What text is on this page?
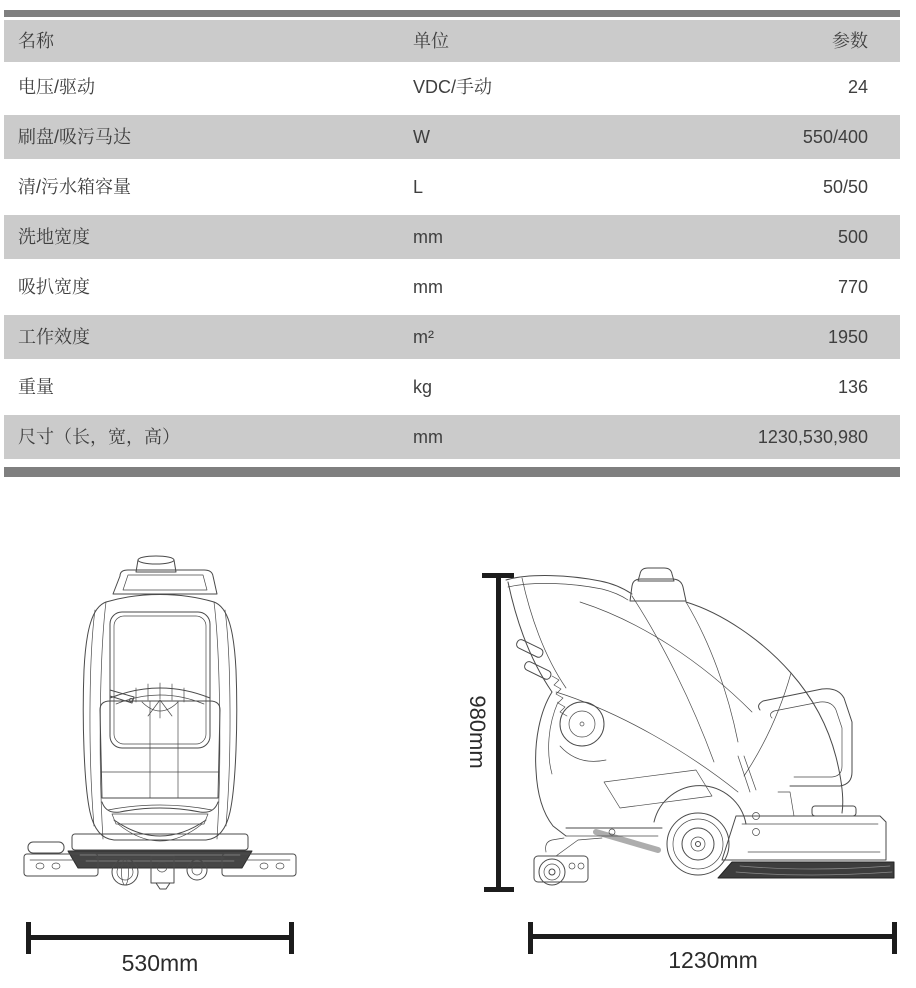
名称	单位	参数
电压/驱动	VDC/手动	24
刷盘/吸污马达	W	550/400
清/污水箱容量	L	50/50
洗地宽度	mm	500
吸扒宽度	mm	770
工作效度	m²	1950
重量	kg	136
尺寸（长，宽，高）	mm	1230,530,980
530mm
980mm
1230mm
